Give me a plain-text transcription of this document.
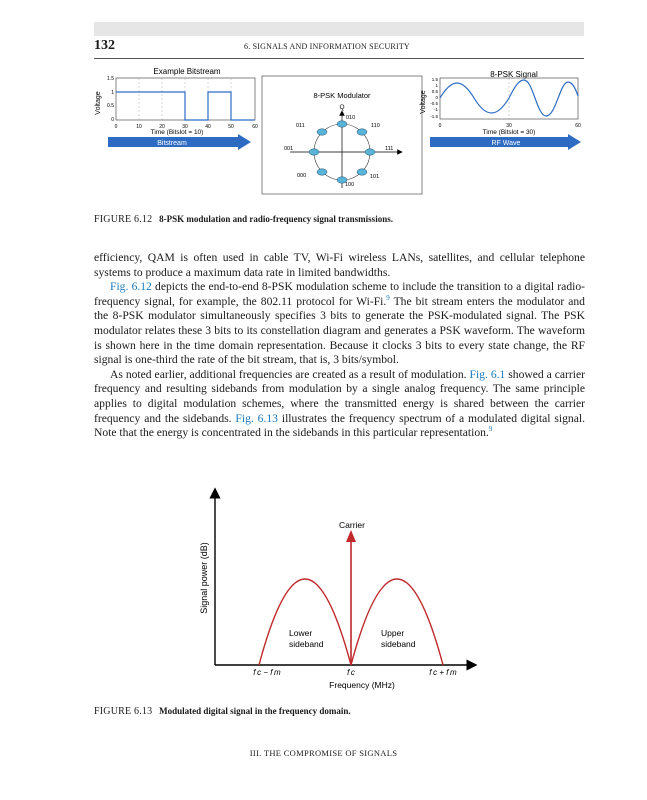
132	6. SIGNALS AND INFORMATION SECURITY
Example Bitstream
Voltage
1.5
1
0.5
0
0	10	20	30	40	50	60
Time (Bitslot = 10)
Bitstream
8-PSK Modulator
Q
010
110
011
111
001
101
000
100
8-PSK Signal
Voltage
1.5
1
0.5
0
-0.5
-1
-1.5
0	30	60
Time (Bitslot = 30)
RF Wave
FIGURE 6.12 8-PSK modulation and radio-frequency signal transmissions.

efficiency, QAM is often used in cable TV, Wi-Fi wireless LANs, satellites, and cellular telephone systems to produce a maximum data rate in limited bandwidths.

Fig. 6.12 depicts the end-to-end 8-PSK modulation scheme to include the transition to a digital radio-frequency signal, for example, the 802.11 protocol for Wi-Fi.$^9$ The bit stream enters the modulator and the 8-PSK modulator simultaneously specifies 3 bits to generate the PSK-modulated signal. The PSK modulator relates these 3 bits to its constellation diagram and generates a PSK waveform. The waveform is shown here in the time domain representation. Because it clocks 3 bits to every state change, the RF signal is one-third the rate of the bit stream, that is, 3 bits/symbol.

As noted earlier, additional frequencies are created as a result of modulation. Fig. 6.1 showed a carrier frequency and resulting sidebands from modulation by a single analog frequency. The same principle applies to digital modulation schemes, where the transmitted energy is shared between the carrier frequency and the sidebands. Fig. 6.13 illustrates the frequency spectrum of a modulated digital signal. Note that the energy is concentrated in the sidebands in this particular representation.$^9$

Signal power (dB)
Carrier
Lower
sideband
Upper
sideband
f c − f m	f c	f c + f m
Frequency (MHz)
FIGURE 6.13 Modulated digital signal in the frequency domain.
III. THE COMPROMISE OF SIGNALS
